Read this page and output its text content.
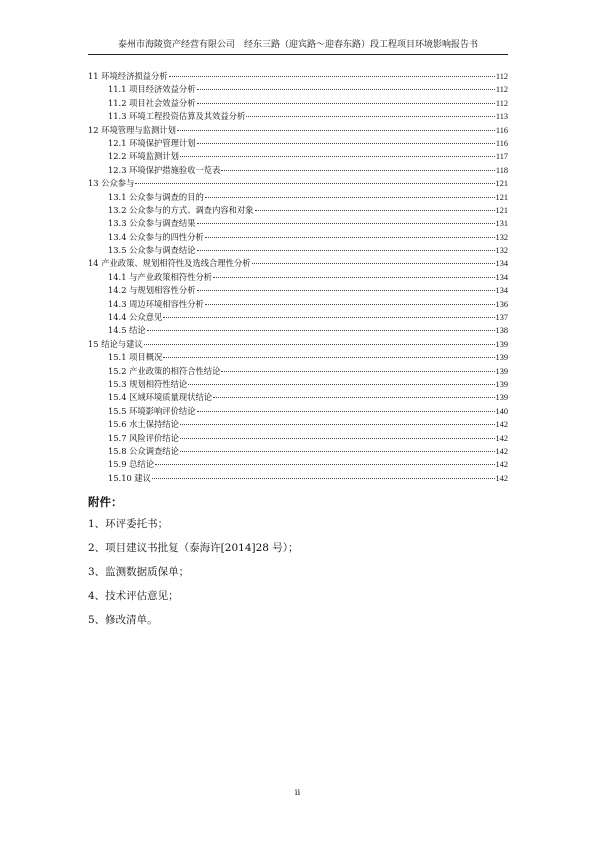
泰州市海陵资产经营有限公司　经东三路（迎宾路～迎春东路）段工程项目环境影响报告书
11 环境经济损益分析	112
11.1 项目经济效益分析	112
11.2 项目社会效益分析	112
11.3 环境工程投资估算及其效益分析	113
12 环境管理与监测计划	116
12.1 环境保护管理计划	116
12.2 环境监测计划	117
12.3 环境保护措施验收一览表	118
13 公众参与	121
13.1 公众参与调查的目的	121
13.2 公众参与的方式、调查内容和对象	121
13.3 公众参与调查结果	131
13.4 公众参与的四性分析	132
13.5 公众参与调查结论	132
14 产业政策、规划相符性及选线合理性分析	134
14.1 与产业政策相符性分析	134
14.2 与规划相容性分析	134
14.3 周边环境相容性分析	136
14.4 公众意见	137
14.5 结论	138
15 结论与建议	139
15.1 项目概况	139
15.2 产业政策的相符合性结论	139
15.3 规划相符性结论	139
15.4 区域环境质量现状结论	139
15.5 环境影响评价结论	140
15.6 水土保持结论	142
15.7 风险评价结论	142
15.8 公众调查结论	142
15.9 总结论	142
15.10 建议	142
附件：
1、环评委托书；
2、项目建议书批复（泰海许[2014]28 号）；
3、监测数据质保单；
4、技术评估意见；
5、修改清单。
ii
